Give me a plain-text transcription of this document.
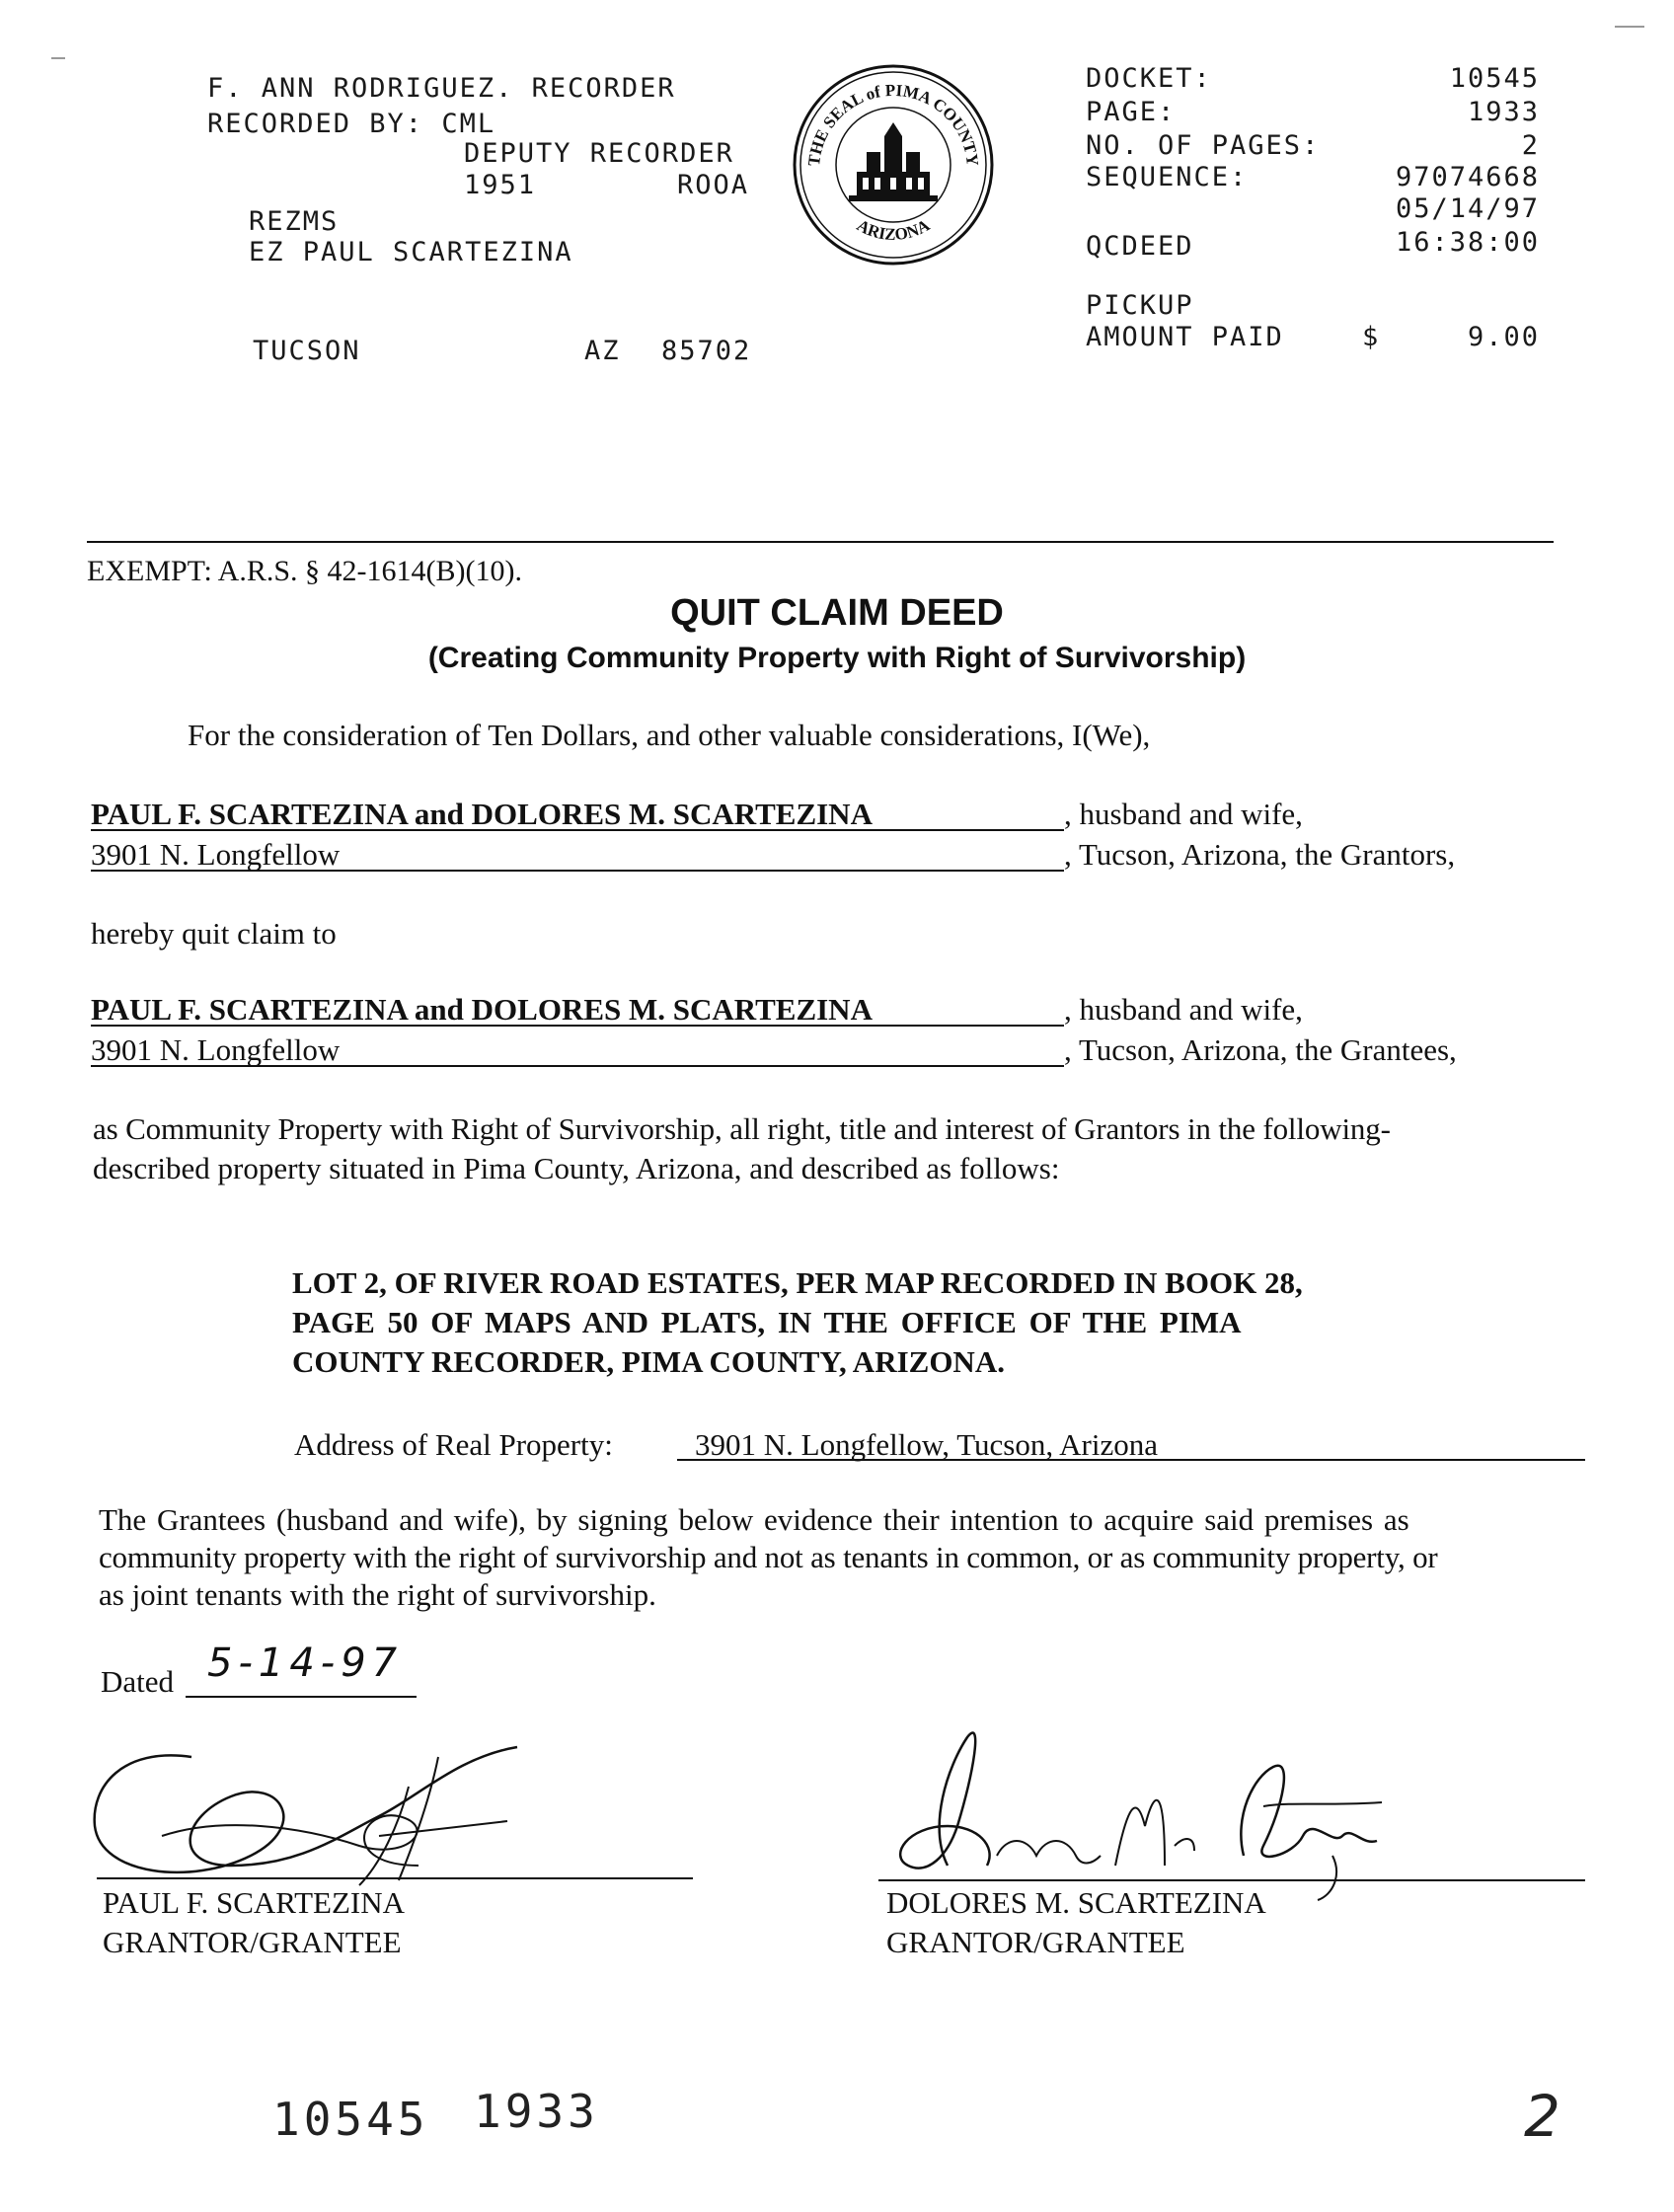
F. ANN RODRIGUEZ. RECORDER
RECORDED BY: CML
DEPUTY RECORDER
1951	ROOA
REZMS
EZ PAUL SCARTEZINA
TUCSON	AZ 85702
THE SEAL of PIMA COUNTY
ARIZONA
DOCKET:	10545
PAGE:	1933
NO. OF PAGES:	2
SEQUENCE:	97074668
05/14/97
QCDEED	16:38:00
PICKUP
AMOUNT PAID	$	9.00
EXEMPT: A.R.S. § 42-1614(B)(10).
QUIT CLAIM DEED
(Creating Community Property with Right of Survivorship)
For the consideration of Ten Dollars, and other valuable considerations, I(We),
PAUL F. SCARTEZINA and DOLORES M. SCARTEZINA	, husband and wife,
3901 N. Longfellow	, Tucson, Arizona, the Grantors,
hereby quit claim to
PAUL F. SCARTEZINA and DOLORES M. SCARTEZINA	, husband and wife,
3901 N. Longfellow	, Tucson, Arizona, the Grantees,
as Community Property with Right of Survivorship, all right, title and interest of Grantors in the following-
described property situated in Pima County, Arizona, and described as follows:
LOT 2, OF RIVER ROAD ESTATES, PER MAP RECORDED IN BOOK 28,
PAGE 50 OF MAPS AND PLATS, IN THE OFFICE OF THE PIMA
COUNTY RECORDER, PIMA COUNTY, ARIZONA.
Address of Real Property:	3901 N. Longfellow, Tucson, Arizona
The Grantees (husband and wife), by signing below evidence their intention to acquire said premises as
community property with the right of survivorship and not as tenants in common, or as community property, or
as joint tenants with the right of survivorship.
Dated 5-14-97
PAUL F. SCARTEZINA
GRANTOR/GRANTEE
DOLORES M. SCARTEZINA
GRANTOR/GRANTEE
10545 1933	2
